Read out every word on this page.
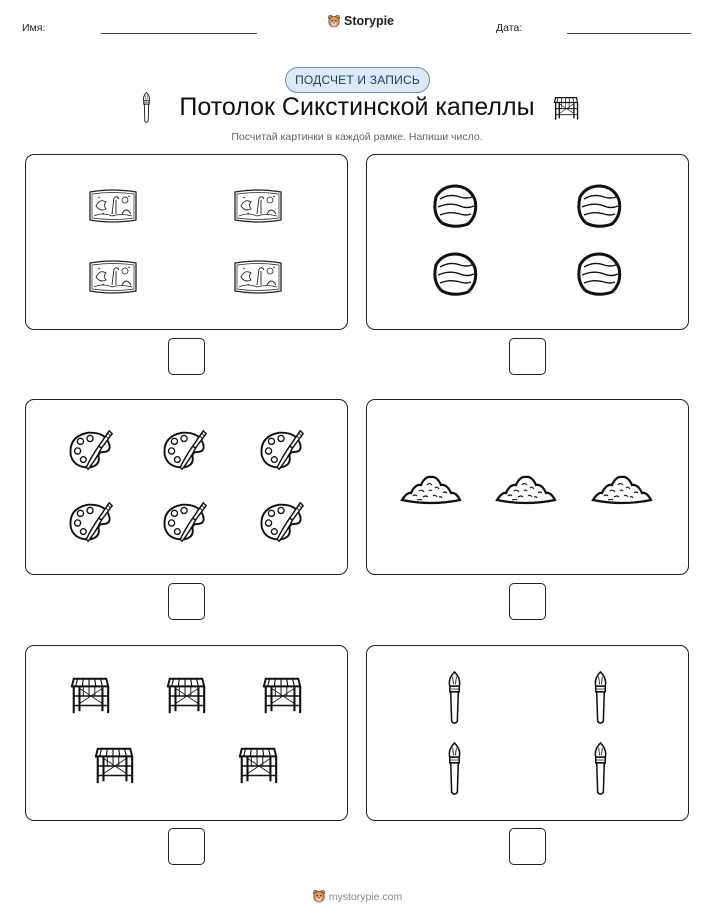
Имя:	Storypie	Дата:
ПОДСЧЕТ И ЗАПИСЬ
Потолок Сикстинской капеллы
Посчитай картинки в каждой рамке. Напиши число.
mystorypie.com
